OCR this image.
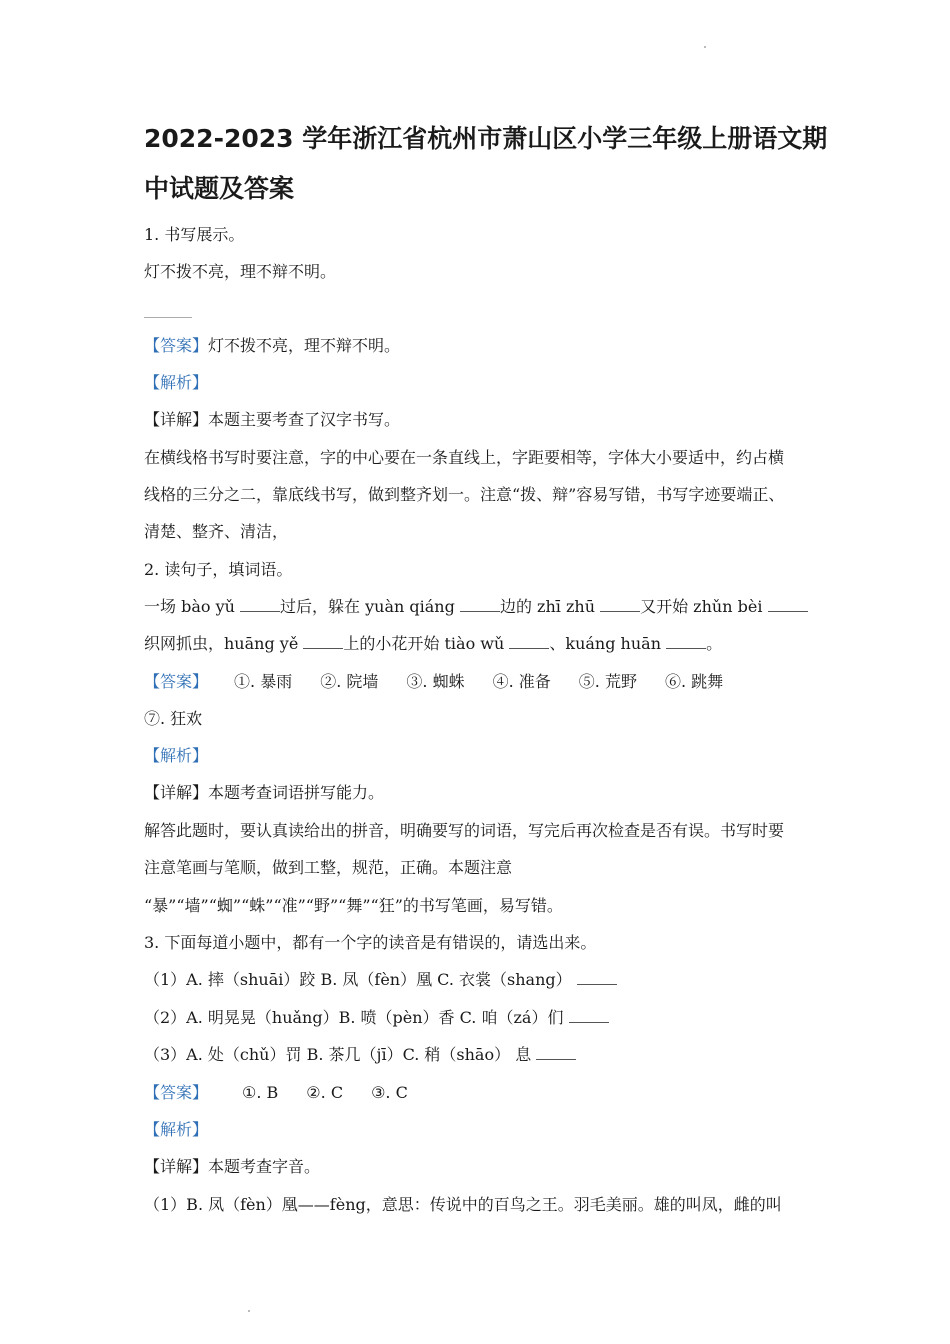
2022-2023 学年浙江省杭州市萧山区小学三年级上册语文期
中试题及答案
1. 书写展示。
灯不拨不亮，理不辩不明。
______
【答案】灯不拨不亮，理不辩不明。
【解析】
【详解】本题主要考查了汉字书写。
在横线格书写时要注意，字的中心要在一条直线上，字距要相等，字体大小要适中，约占横
线格的三分之二，靠底线书写，做到整齐划一。注意“拨、辩”容易写错，书写字迹要端正、
清楚、整齐、清洁，
2. 读句子，填词语。
一场 bào yǔ	过后，躲在 yuàn qiáng	边的 zhī zhū	又开始 zhǔn bèi
织网抓虫，huāng yě	上的小花开始 tiào wǔ	、kuáng huān	。
【答案】 ①. 暴雨 ②. 院墙 ③. 蜘蛛 ④. 准备 ⑤. 荒野 ⑥. 跳舞
⑦. 狂欢
【解析】
【详解】本题考查词语拼写能力。
解答此题时，要认真读给出的拼音，明确要写的词语，写完后再次检查是否有误。书写时要
注意笔画与笔顺，做到工整，规范，正确。本题注意
“暴”“墙”“蜘”“蛛”“准”“野”“舞”“狂”的书写笔画，易写错。
3. 下面每道小题中，都有一个字的读音是有错误的，请选出来。
（1）A. 摔（shuāi）跤 B. 凤（fèn）凰 C. 衣裳（shang）
（2）A. 明晃晃（huǎng）B. 喷（pèn）香 C. 咱（zá）们
（3）A. 处（chǔ）罚 B. 茶几（jī）C. 稍（shāo） 息
【答案】 ①. B ②. C ③. C
【解析】
【详解】本题考查字音。
（1）B. 凤（fèn）凰——fèng，意思：传说中的百鸟之王。羽毛美丽。雄的叫凤，雌的叫
